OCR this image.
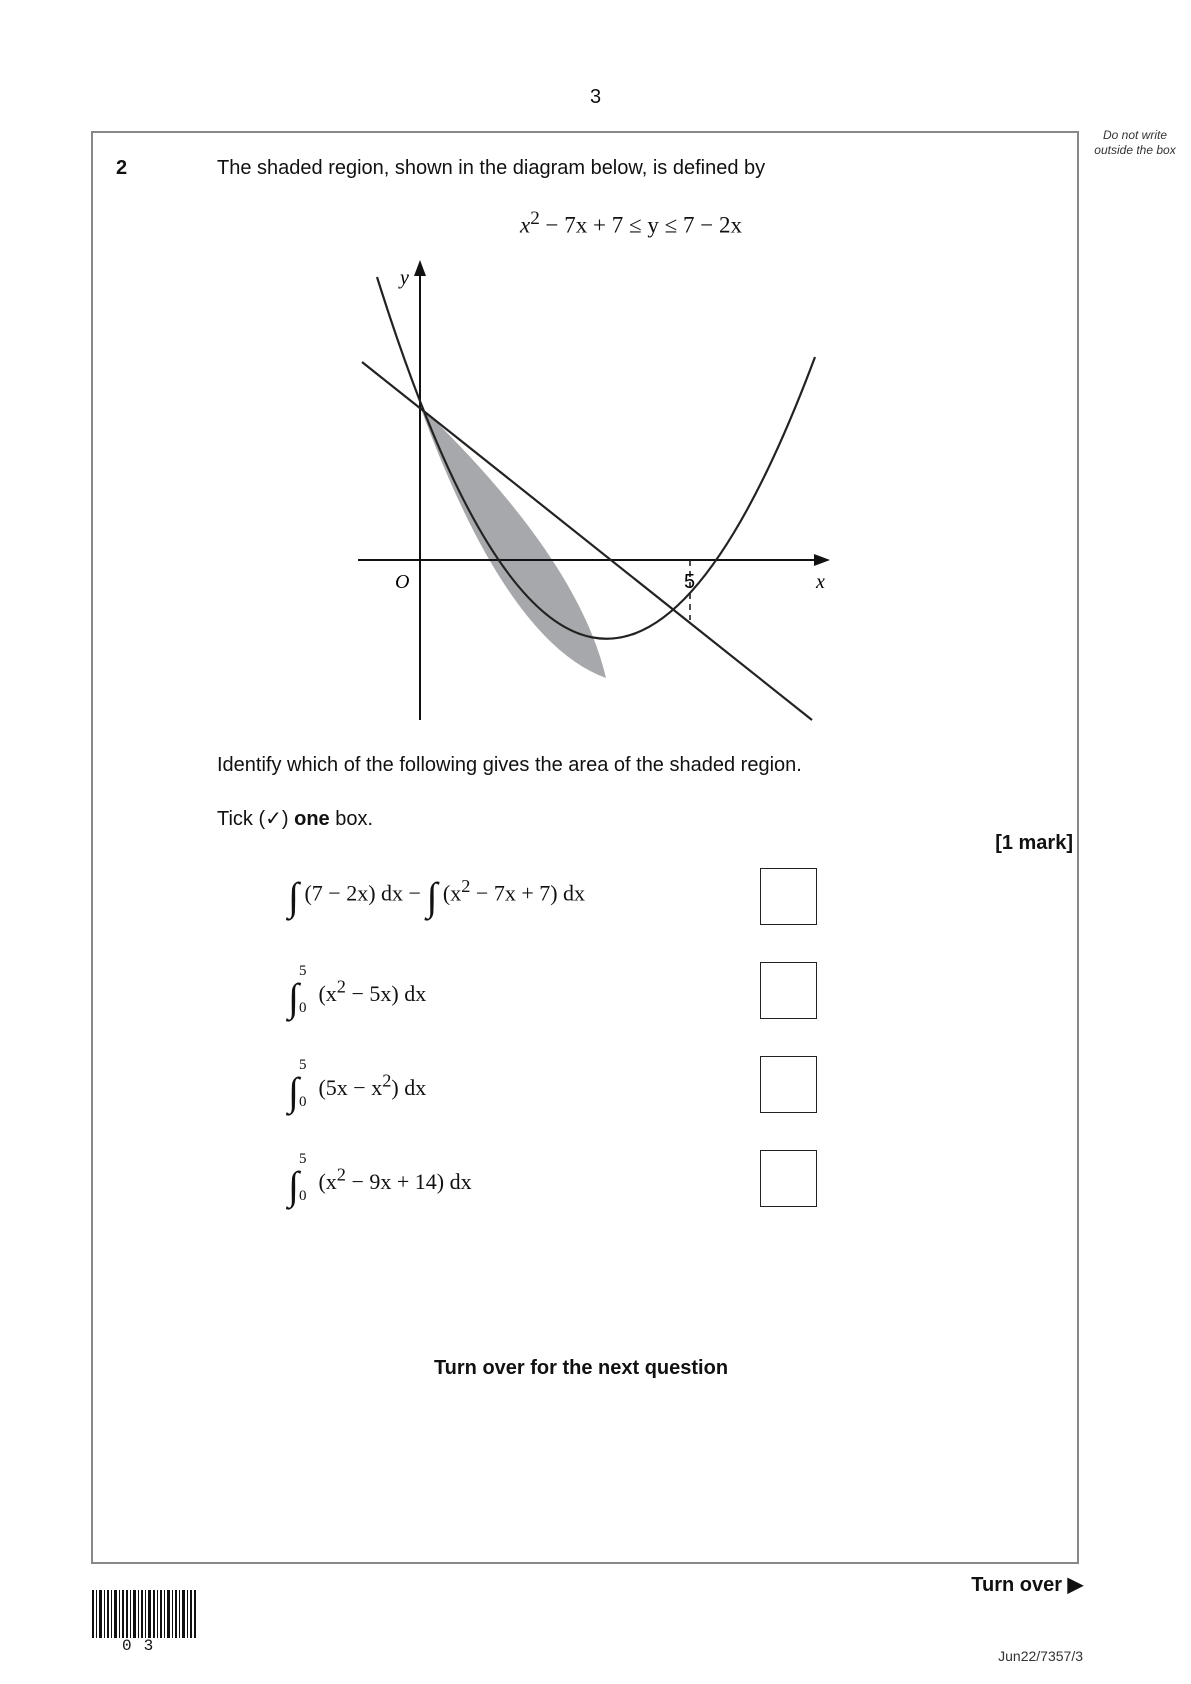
3
Do not write outside the box
2	The shaded region, shown in the diagram below, is defined by
$x^2 - 7x + 7 \le y \le 7 - 2x$
y
x
O	5
Identify which of the following gives the area of the shaded region.
Tick (✓) one box.
[1 mark]
∫ (7 − 2x) dx − ∫ $(x^2 - 7x + 7)$ dx
∫
5
0
$(x^2 - 5x)$ dx
∫
5
0
$(5x - x^2)$ dx
∫
5
0
$(x^2 - 9x + 14)$ dx
Turn over for the next question
Turn over ▶
03
Jun22/7357/3
